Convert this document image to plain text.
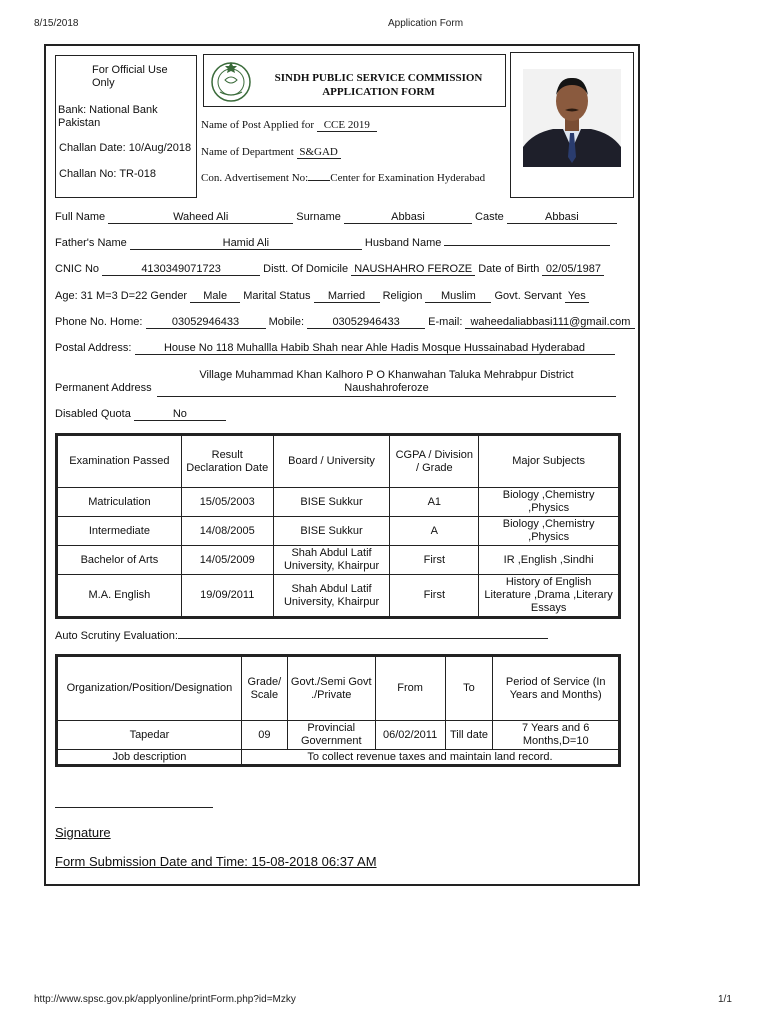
8/15/2018	Application Form
For Official Use Only
Bank: National Bank Pakistan
Challan Date: 10/Aug/2018
Challan No: TR-018
SINDH PUBLIC SERVICE COMMISSION
APPLICATION FORM
Name of Post Applied for CCE 2019
Name of Department S&GAD
Con. Advertisement No: Center for Examination Hyderabad
Full Name	Waheed Ali	Surname	Abbasi	Caste	Abbasi
Father's Name	Hamid Ali	Husband Name
CNIC No	4130349071723	Distt. Of Domicile NAUSHAHRO FEROZE Date of Birth 02/05/1987
Age: 31 M=3 D=22 Gender Male Marital Status Married Religion Muslim Govt. Servant Yes
Phone No. Home:	03052946433	Mobile:	03052946433	E-mail: waheedaliabbasi111@gmail.com
Postal Address:	House No 118 Muhallla Habib Shah near Ahle Hadis Mosque Hussainabad Hyderabad
Permanent Address
Village Muhammad Khan Kalhoro P O Khanwahan Taluka Mehrabpur District
Naushahroferoze
Disabled Quota	No
Examination Passed	Result Declaration Date	Board / University	CGPA / Division / Grade	Major Subjects
Matriculation	15/05/2003	BISE Sukkur	A1	Biology ,Chemistry ,Physics
Intermediate	14/08/2005	BISE Sukkur	A	Biology ,Chemistry ,Physics
Bachelor of Arts	14/05/2009	Shah Abdul Latif University, Khairpur	First	IR ,English ,Sindhi
M.A. English	19/09/2011	Shah Abdul Latif University, Khairpur	First	History of English Literature ,Drama ,Literary Essays
Auto Scrutiny Evaluation:
Organization/Position/Designation	Grade/ Scale	Govt./Semi Govt ./Private	From	To	Period of Service (In Years and Months)
Tapedar	09	Provincial Government	06/02/2011	Till date	7 Years and 6 Months,D=10
Job description	To collect revenue taxes and maintain land record.				
Signature
Form Submission Date and Time: 15-08-2018 06:37 AM
http://www.spsc.gov.pk/applyonline/printForm.php?id=Mzky	1/1
